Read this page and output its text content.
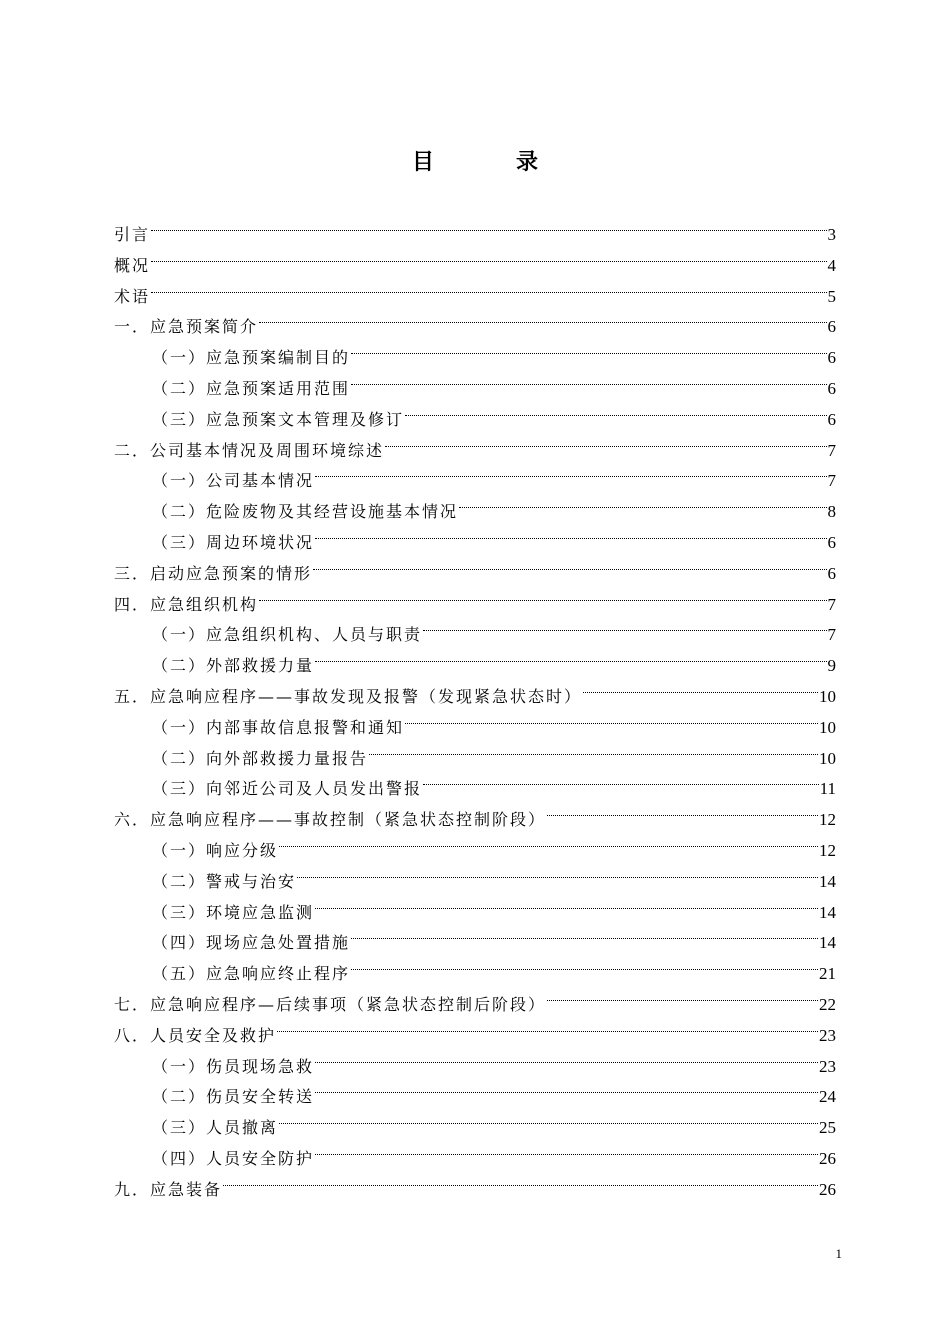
目　录
引言	3
概况	4
术语	5
一．应急预案简介	6
（一）应急预案编制目的	6
（二）应急预案适用范围	6
（三）应急预案文本管理及修订	6
二．公司基本情况及周围环境综述	7
（一）公司基本情况	7
（二）危险废物及其经营设施基本情况	8
（三）周边环境状况	6
三．启动应急预案的情形	6
四．应急组织机构	7
（一）应急组织机构、人员与职责	7
（二）外部救援力量	9
五．应急响应程序——事故发现及报警（发现紧急状态时）	10
（一）内部事故信息报警和通知	10
（二）向外部救援力量报告	10
（三）向邻近公司及人员发出警报	11
六．应急响应程序——事故控制（紧急状态控制阶段）	12
（一）响应分级	12
（二）警戒与治安	14
（三）环境应急监测	14
（四）现场应急处置措施	14
（五）应急响应终止程序	21
七．应急响应程序—后续事项（紧急状态控制后阶段）	22
八．人员安全及救护	23
（一）伤员现场急救	23
（二）伤员安全转送	24
（三）人员撤离	25
（四）人员安全防护	26
九．应急装备	26
1
